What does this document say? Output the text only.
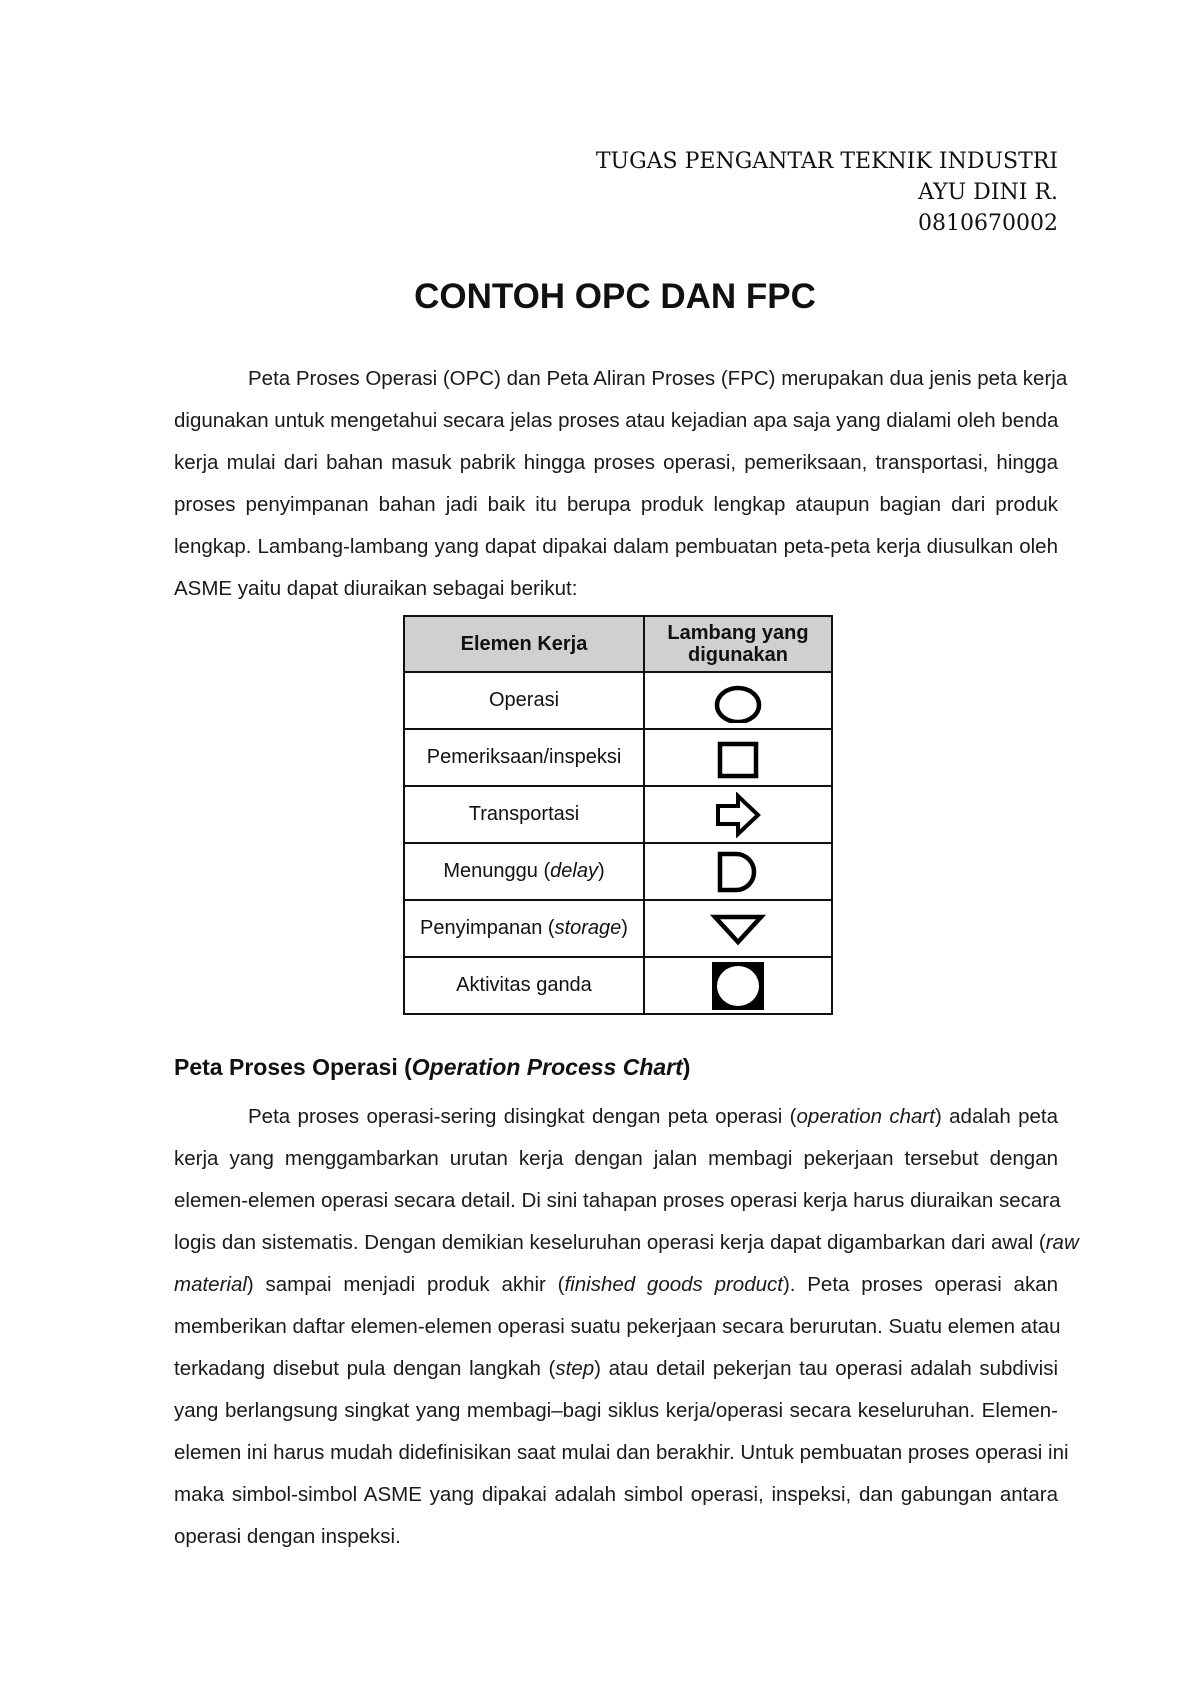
TUGAS PENGANTAR TEKNIK INDUSTRI
AYU DINI R.
0810670002
CONTOH OPC DAN FPC
Peta Proses Operasi (OPC) dan Peta Aliran Proses (FPC) merupakan dua jenis peta kerja
digunakan untuk mengetahui secara jelas proses atau kejadian apa saja yang dialami oleh benda
kerja mulai dari bahan masuk pabrik hingga proses operasi, pemeriksaan, transportasi, hingga
proses penyimpanan bahan jadi baik itu berupa produk lengkap ataupun bagian dari produk
lengkap. Lambang-lambang yang dapat dipakai dalam pembuatan peta-peta kerja diusulkan oleh
ASME yaitu dapat diuraikan sebagai berikut:
Elemen Kerja	Lambang yang
digunakan
Operasi	

Pemeriksaan/inspeksi	

Transportasi	

Menunggu (delay)	

Penyimpanan (storage)	

Aktivitas ganda	
Peta Proses Operasi (Operation Process Chart)
Peta proses operasi-sering disingkat dengan peta operasi (operation chart) adalah peta
kerja yang menggambarkan urutan kerja dengan jalan membagi pekerjaan tersebut dengan
elemen-elemen operasi secara detail. Di sini tahapan proses operasi kerja harus diuraikan secara
logis dan sistematis. Dengan demikian keseluruhan operasi kerja dapat digambarkan dari awal (raw
material) sampai menjadi produk akhir (finished goods product). Peta proses operasi akan
memberikan daftar elemen-elemen operasi suatu pekerjaan secara berurutan. Suatu elemen atau
terkadang disebut pula dengan langkah (step) atau detail pekerjan tau operasi adalah subdivisi
yang berlangsung singkat yang membagi–bagi siklus kerja/operasi secara keseluruhan. Elemen-
elemen ini harus mudah didefinisikan saat mulai dan berakhir. Untuk pembuatan proses operasi ini
maka simbol-simbol ASME yang dipakai adalah simbol operasi, inspeksi, dan gabungan antara
operasi dengan inspeksi.
